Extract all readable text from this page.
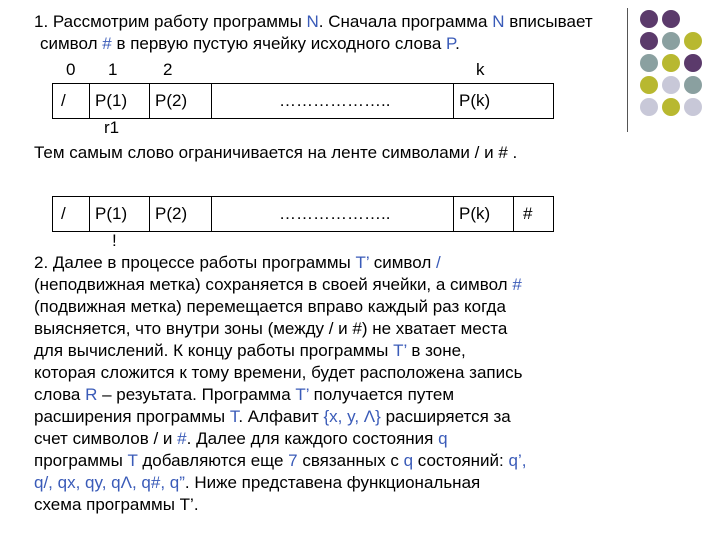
1. Рассмотрим работу программы N. Сначала программа N вписывает
символ # в первую пустую ячейку исходного слова P.
0 1	2	k
/ P(1) P(2)	………………..	P(k)
r1
Тем самым слово ограничивается на ленте символами / и # .
/ P(1) P(2)	………………..	P(k) #
!
2. Далее в процессе работы программы T’ символ /
(неподвижная метка) сохраняется в своей ячейки, а символ #
(подвижная метка) перемещается вправо каждый раз когда
выясняется, что внутри зоны (между / и #) не хватает места
для вычислений. К концу работы программы T’ в зоне,
которая сложится к тому времени, будет расположена запись
слова R – резуьтата. Программа T’ получается путем
расширения программы T. Алфавит {x, y, Λ} расширяется за
счет символов / и #. Далее для каждого состояния q
программы T добавляются еще 7 связанных с q состояний: q’,
q/, qx, qy, qΛ, q#, q”. Ниже представена функциональная
схема программы T’.
